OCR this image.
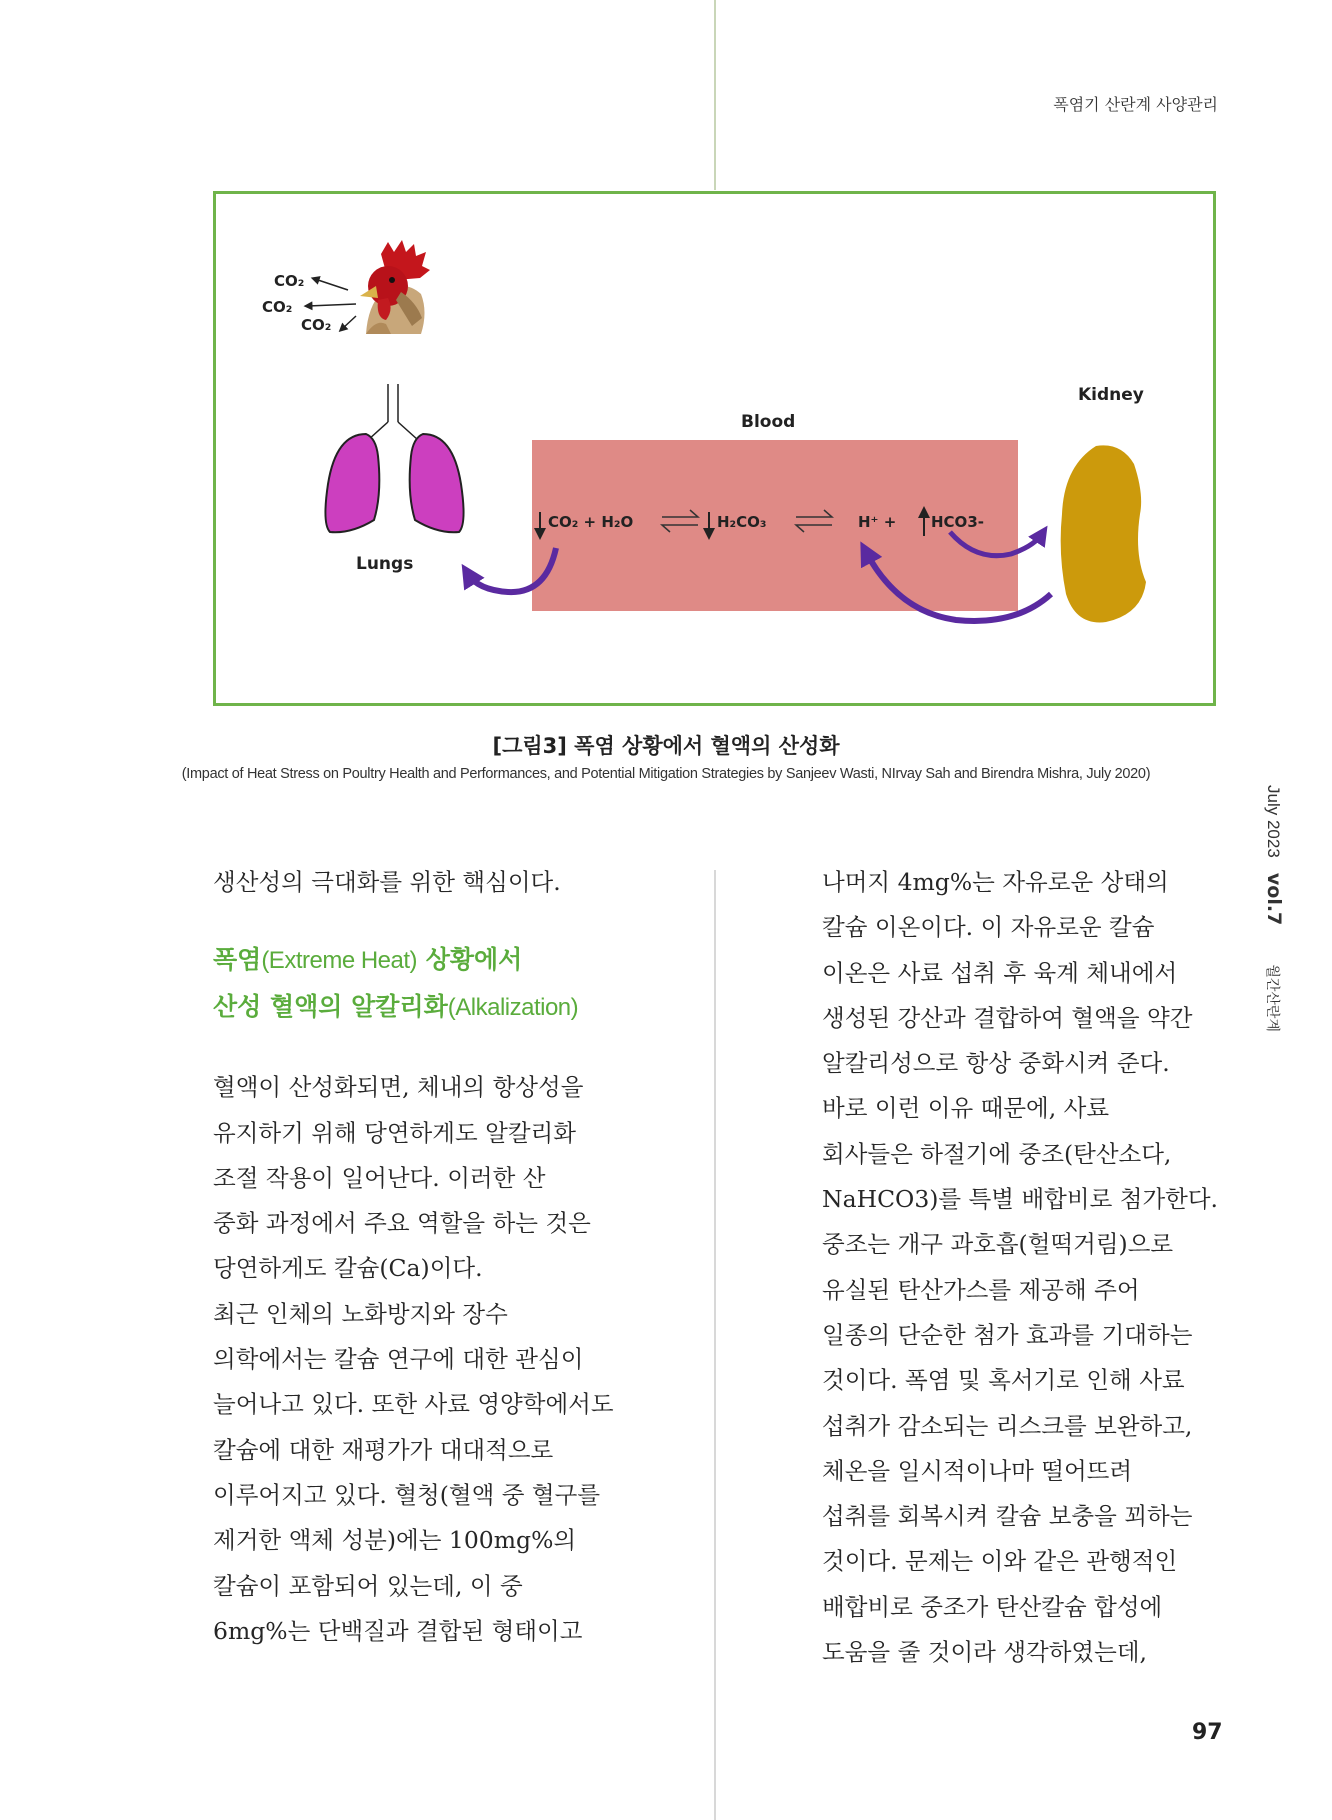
폭염기 산란계 사양관리
CO₂
CO₂
CO₂
Lungs
Blood
CO₂ + H₂O	H₂CO₃	H⁺ + HCO3-
Kidney
[그림3] 폭염 상황에서 혈액의 산성화
(Impact of Heat Stress on Poultry Health and Performances, and Potential Mitigation Strategies by Sanjeev Wasti, NIrvay Sah and Birendra Mishra, July 2020)

생산성의 극대화를 위한 핵심이다.

폭염(Extreme Heat) 상황에서
산성 혈액의 알칼리화(Alkalization)

혈액이 산성화되면, 체내의 항상성을

유지하기 위해 당연하게도 알칼리화

조절 작용이 일어난다. 이러한 산

중화 과정에서 주요 역할을 하는 것은

당연하게도 칼슘(Ca)이다.

최근 인체의 노화방지와 장수

의학에서는 칼슘 연구에 대한 관심이

늘어나고 있다. 또한 사료 영양학에서도

칼슘에 대한 재평가가 대대적으로

이루어지고 있다. 혈청(혈액 중 혈구를

제거한 액체 성분)에는 100mg%의

칼슘이 포함되어 있는데, 이 중

6mg%는 단백질과 결합된 형태이고

나머지 4mg%는 자유로운 상태의

칼슘 이온이다. 이 자유로운 칼슘

이온은 사료 섭취 후 육계 체내에서

생성된 강산과 결합하여 혈액을 약간

알칼리성으로 항상 중화시켜 준다.

바로 이런 이유 때문에, 사료

회사들은 하절기에 중조(탄산소다,

NaHCO3)를 특별 배합비로 첨가한다.

중조는 개구 과호흡(헐떡거림)으로

유실된 탄산가스를 제공해 주어

일종의 단순한 첨가 효과를 기대하는

것이다. 폭염 및 혹서기로 인해 사료

섭취가 감소되는 리스크를 보완하고,

체온을 일시적이나마 떨어뜨려

섭취를 회복시켜 칼슘 보충을 꾀하는

것이다. 문제는 이와 같은 관행적인

배합비로 중조가 탄산칼슘 합성에

도움을 줄 것이라 생각하였는데,

July 2023 vol.7 월간산란계
97
